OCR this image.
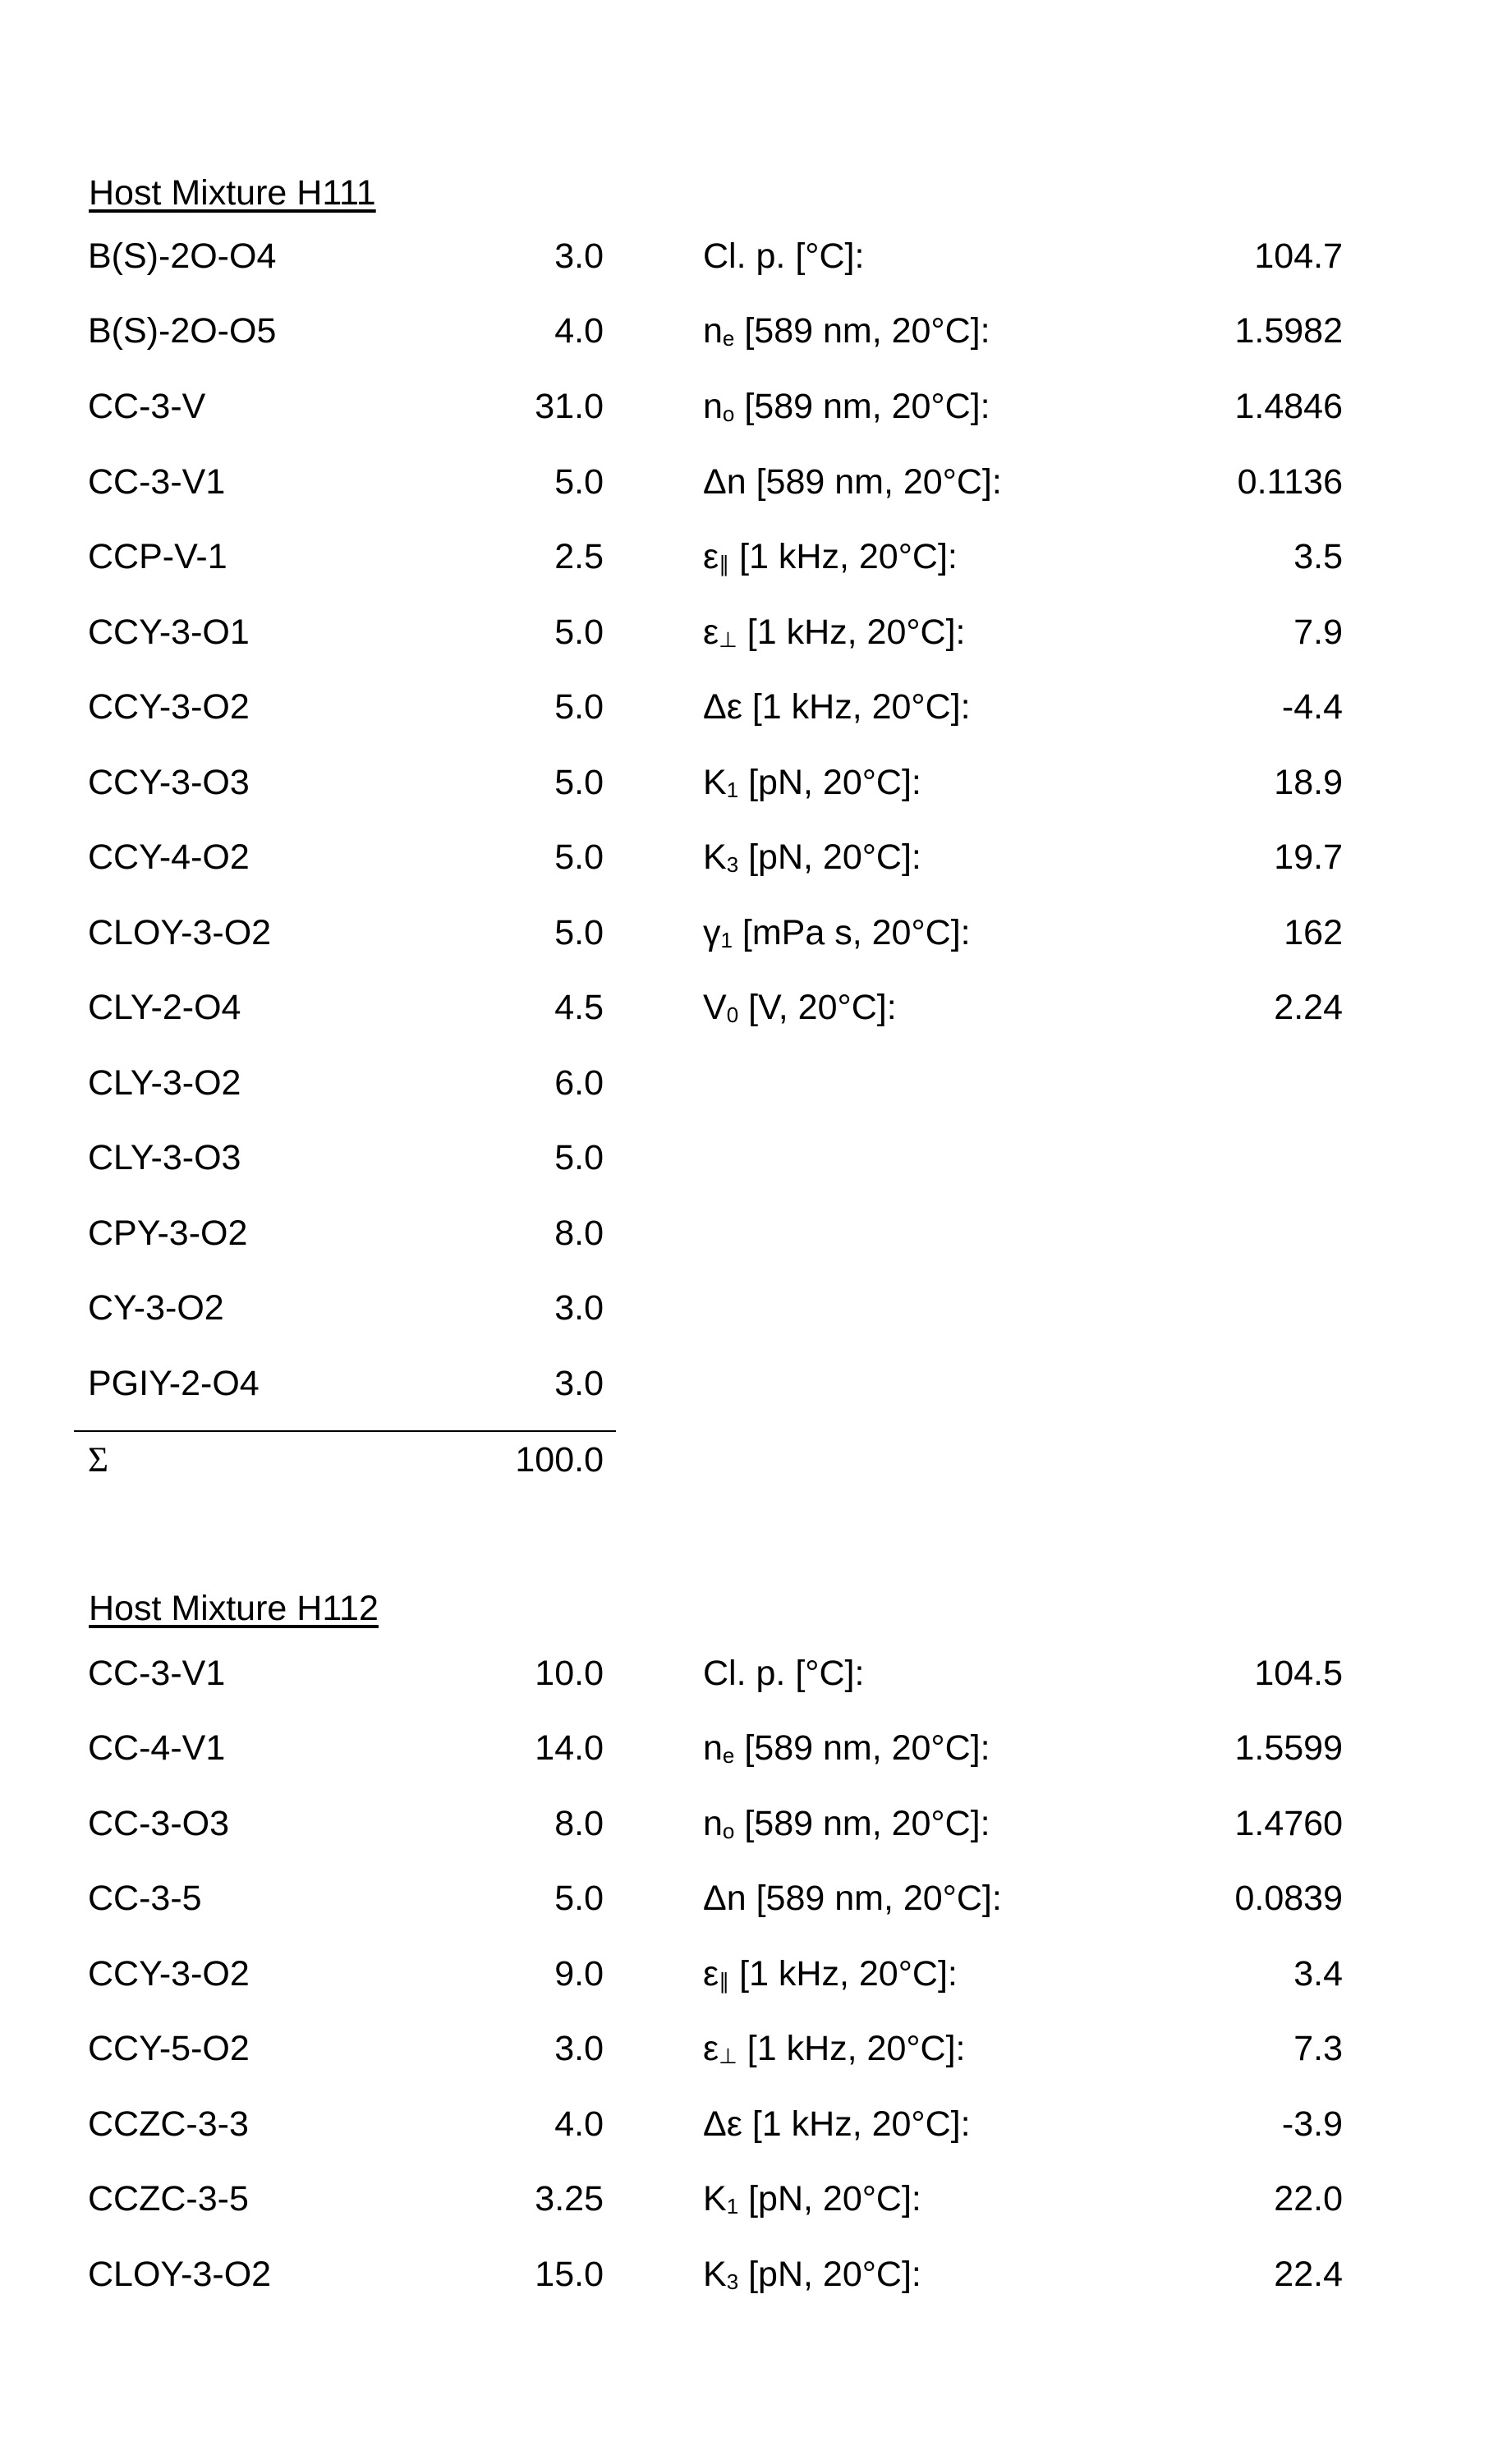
Host Mixture H111
B(S)-2O-O4	3.0	Cl. p. [°C]:	104.7
B(S)-2O-O5	4.0	ne [589 nm, 20°C]:	1.5982
CC-3-V	31.0	no [589 nm, 20°C]:	1.4846
CC-3-V1	5.0	Δn [589 nm, 20°C]:	0.1136
CCP-V-1	2.5	ε∥ [1 kHz, 20°C]:	3.5
CCY-3-O1	5.0	ε⊥ [1 kHz, 20°C]:	7.9
CCY-3-O2	5.0	Δε [1 kHz, 20°C]:	-4.4
CCY-3-O3	5.0	K1 [pN, 20°C]:	18.9
CCY-4-O2	5.0	K3 [pN, 20°C]:	19.7
CLOY-3-O2	5.0	γ1 [mPa s, 20°C]:	162
CLY-2-O4	4.5	V0 [V, 20°C]:	2.24
CLY-3-O2	6.0
CLY-3-O3	5.0
CPY-3-O2	8.0
CY-3-O2	3.0
PGIY-2-O4	3.0
Σ	100.0
Host Mixture H112
CC-3-V1	10.0	Cl. p. [°C]:	104.5
CC-4-V1	14.0	ne [589 nm, 20°C]:	1.5599
CC-3-O3	8.0	no [589 nm, 20°C]:	1.4760
CC-3-5	5.0	Δn [589 nm, 20°C]:	0.0839
CCY-3-O2	9.0	ε∥ [1 kHz, 20°C]:	3.4
CCY-5-O2	3.0	ε⊥ [1 kHz, 20°C]:	7.3
CCZC-3-3	4.0	Δε [1 kHz, 20°C]:	-3.9
CCZC-3-5	3.25	K1 [pN, 20°C]:	22.0
CLOY-3-O2	15.0	K3 [pN, 20°C]:	22.4
